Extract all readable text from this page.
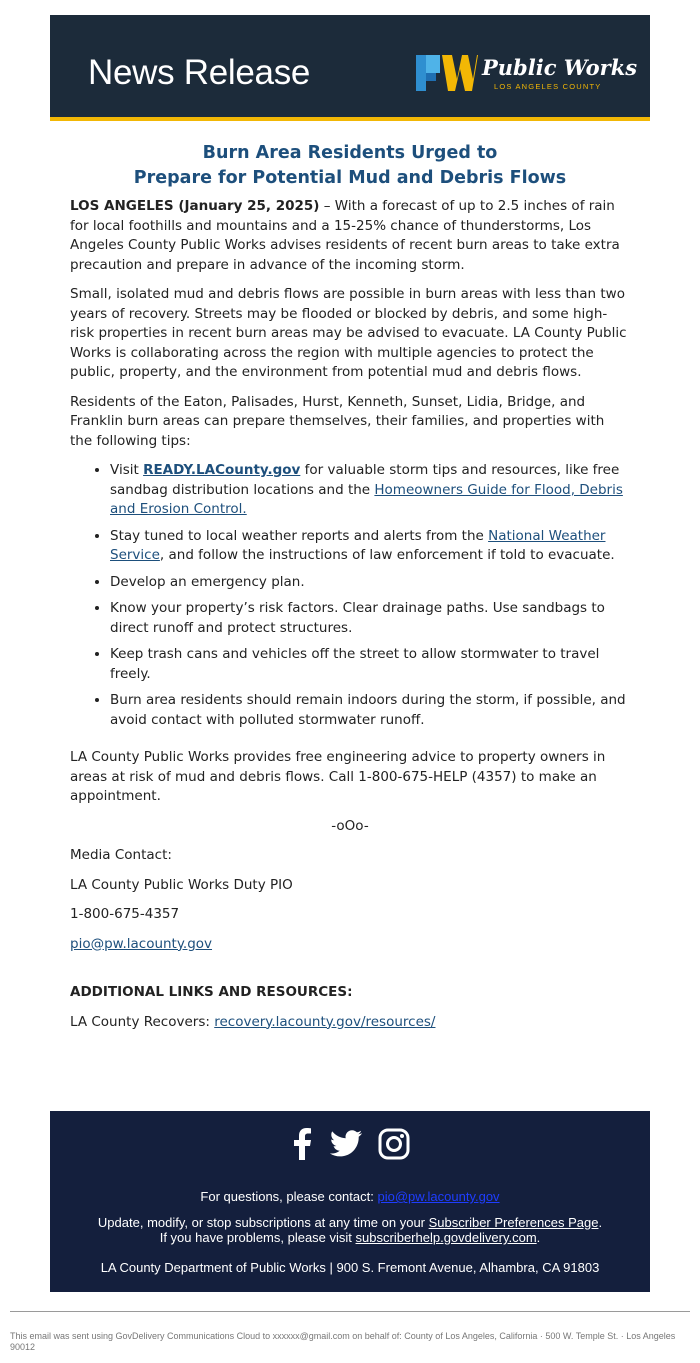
News Release	Public Works
LOS ANGELES COUNTY
Burn Area Residents Urged to
Prepare for Potential Mud and Debris Flows

LOS ANGELES (January 25, 2025) – With a forecast of up to 2.5 inches of rain for local foothills and mountains and a 15-25% chance of thunderstorms, Los Angeles County Public Works advises residents of recent burn areas to take extra precaution and prepare in advance of the incoming storm.

Small, isolated mud and debris flows are possible in burn areas with less than two years of recovery. Streets may be flooded or blocked by debris, and some high-risk properties in recent burn areas may be advised to evacuate. LA County Public Works is collaborating across the region with multiple agencies to protect the public, property, and the environment from potential mud and debris flows.

Residents of the Eaton, Palisades, Hurst, Kenneth, Sunset, Lidia, Bridge, and Franklin burn areas can prepare themselves, their families, and properties with the following tips:

• Visit READY.LACounty.gov for valuable storm tips and resources, like free sandbag distribution locations and the Homeowners Guide for Flood, Debris and Erosion Control.
• Stay tuned to local weather reports and alerts from the National Weather Service, and follow the instructions of law enforcement if told to evacuate.
• Develop an emergency plan.
• Know your property’s risk factors. Clear drainage paths. Use sandbags to direct runoff and protect structures.
• Keep trash cans and vehicles off the street to allow stormwater to travel freely.
• Burn area residents should remain indoors during the storm, if possible, and avoid contact with polluted stormwater runoff.

LA County Public Works provides free engineering advice to property owners in areas at risk of mud and debris flows. Call 1-800-675-HELP (4357) to make an appointment.

-oOo-

Media Contact:

LA County Public Works Duty PIO

1-800-675-4357

pio@pw.lacounty.gov

ADDITIONAL LINKS AND RESOURCES:

LA County Recovers: recovery.lacounty.gov/resources/

For questions, please contact: pio@pw.lacounty.gov
Update, modify, or stop subscriptions at any time on your Subscriber Preferences Page.
If you have problems, please visit subscriberhelp.govdelivery.com.
LA County Department of Public Works | 900 S. Fremont Avenue, Alhambra, CA 91803
This email was sent using GovDelivery Communications Cloud to xxxxxx@gmail.com on behalf of: County of Los Angeles, California · 500 W. Temple St. · Los Angeles 90012
